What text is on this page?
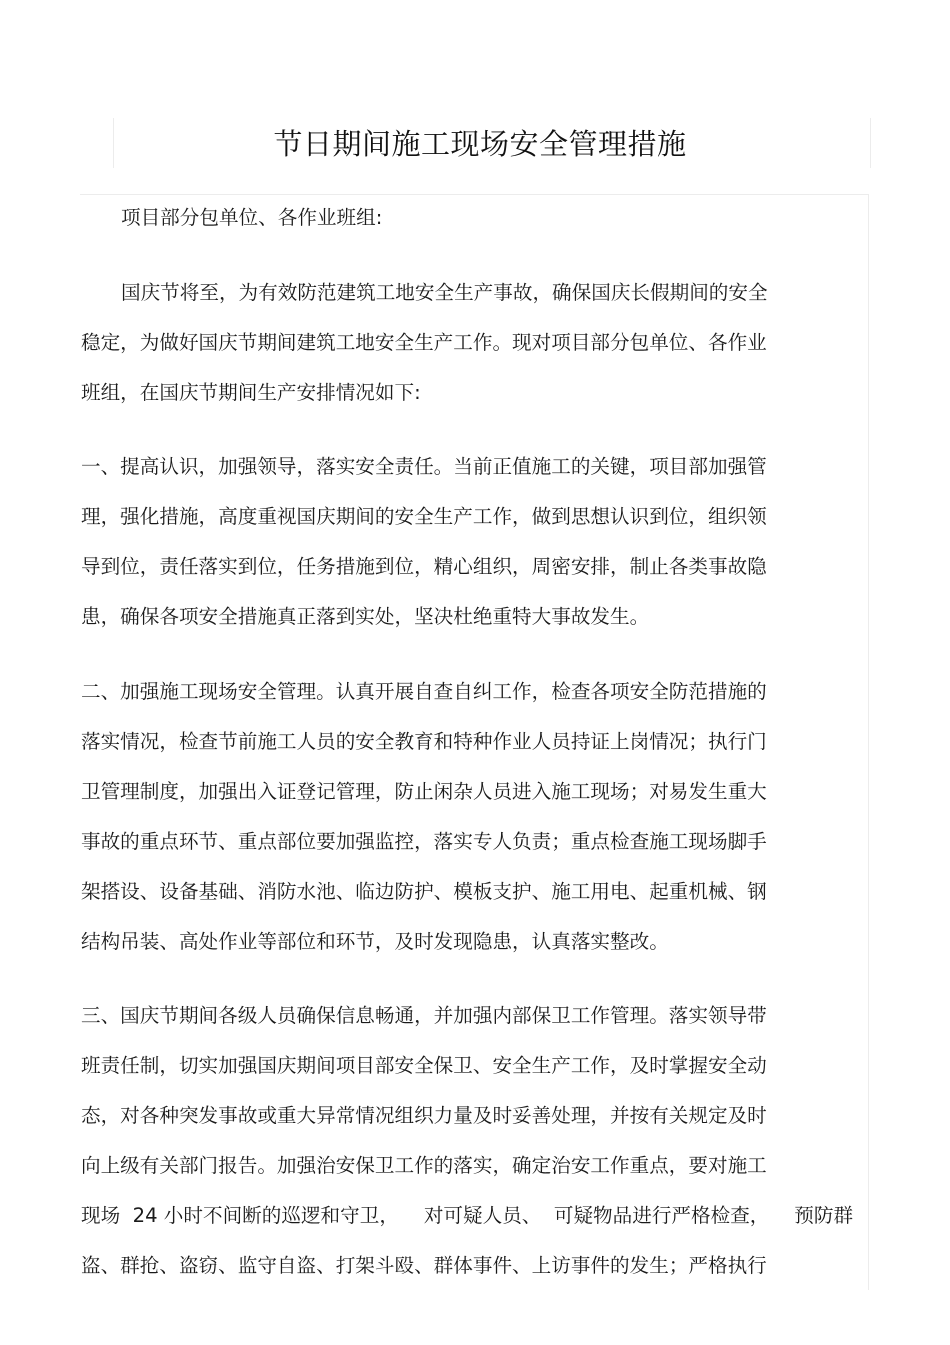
节日期间施工现场安全管理措施

项目部分包单位、各作业班组:

国庆节将至，为有效防范建筑工地安全生产事故，确保国庆长假期间的安全

稳定，为做好国庆节期间建筑工地安全生产工作。现对项目部分包单位、各作业

班组，在国庆节期间生产安排情况如下:

一、提高认识，加强领导，落实安全责任。当前正值施工的关键，项目部加强管

理，强化措施，高度重视国庆期间的安全生产工作，做到思想认识到位，组织领

导到位，责任落实到位，任务措施到位，精心组织，周密安排，制止各类事故隐

患，确保各项安全措施真正落到实处，坚决杜绝重特大事故发生。

二、加强施工现场安全管理。认真开展自查自纠工作，检查各项安全防范措施的

落实情况，检查节前施工人员的安全教育和特种作业人员持证上岗情况；执行门

卫管理制度，加强出入证登记管理，防止闲杂人员进入施工现场；对易发生重大

事故的重点环节、重点部位要加强监控，落实专人负责；重点检查施工现场脚手

架搭设、设备基础、消防水池、临边防护、模板支护、施工用电、起重机械、钢

结构吊装、高处作业等部位和环节，及时发现隐患，认真落实整改。

三、国庆节期间各级人员确保信息畅通，并加强内部保卫工作管理。落实领导带

班责任制，切实加强国庆期间项目部安全保卫、安全生产工作，及时掌握安全动

态，对各种突发事故或重大异常情况组织力量及时妥善处理，并按有关规定及时

向上级有关部门报告。加强治安保卫工作的落实，确定治安工作重点，要对施工

现场  24 小时不间断的巡逻和守卫，    对可疑人员、  可疑物品进行严格检查，    预防群

盗、群抢、盗窃、监守自盗、打架斗殴、群体事件、上访事件的发生；严格执行
